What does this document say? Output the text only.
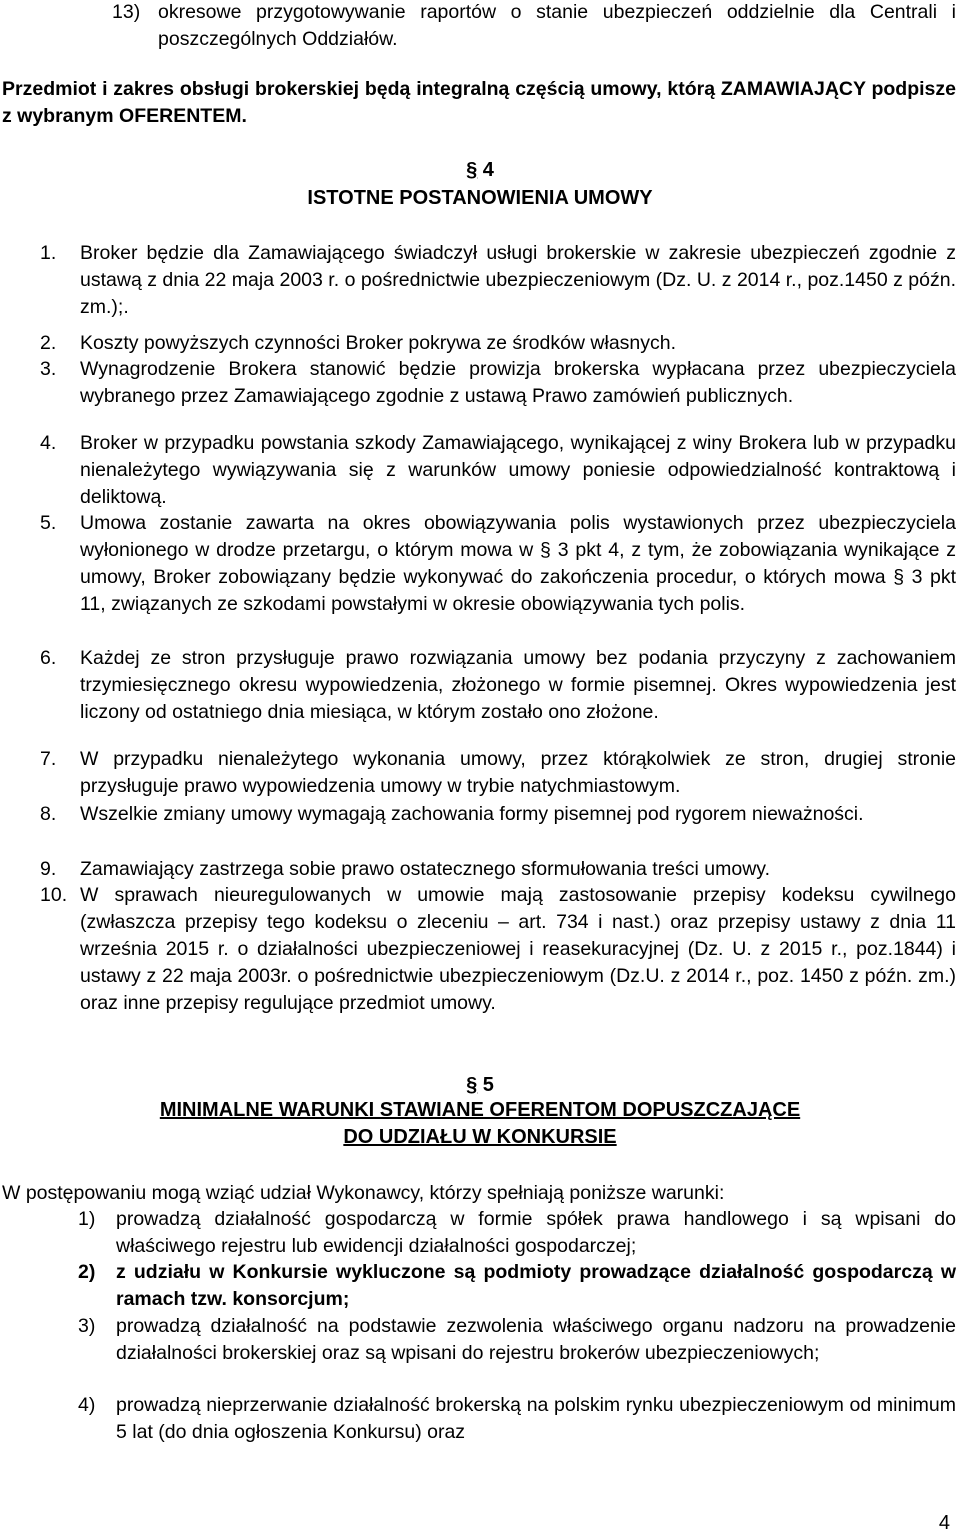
13) okresowe przygotowywanie raportów o stanie ubezpieczeń oddzielnie dla Centrali i poszczególnych Oddziałów.
Przedmiot i zakres obsługi brokerskiej będą integralną częścią umowy, którą ZAMAWIAJĄCY podpisze z wybranym OFERENTEM.
§ 4
ISTOTNE POSTANOWIENIA UMOWY
1.	Broker będzie dla Zamawiającego świadczył usługi brokerskie w zakresie ubezpieczeń zgodnie z ustawą z dnia 22 maja 2003 r. o pośrednictwie ubezpieczeniowym (Dz. U. z 2014 r., poz.1450 z późn. zm.);.
2.	Koszty powyższych czynności Broker pokrywa ze środków własnych.
3.	Wynagrodzenie Brokera stanowić będzie prowizja brokerska wypłacana przez ubezpieczyciela wybranego przez Zamawiającego zgodnie z ustawą Prawo zamówień publicznych.
4.	Broker w przypadku powstania szkody Zamawiającego, wynikającej z winy Brokera lub w przypadku nienależytego wywiązywania się z warunków umowy poniesie odpowiedzialność kontraktową i deliktową.
5.	Umowa zostanie zawarta na okres obowiązywania polis wystawionych przez ubezpieczyciela wyłonionego w drodze przetargu, o którym mowa w § 3 pkt 4, z tym, że zobowiązania wynikające z umowy, Broker zobowiązany będzie wykonywać do zakończenia procedur, o których mowa § 3 pkt 11, związanych ze szkodami powstałymi w okresie obowiązywania tych polis.
6.	Każdej ze stron przysługuje prawo rozwiązania umowy bez podania przyczyny z zachowaniem trzymiesięcznego okresu wypowiedzenia, złożonego w formie pisemnej. Okres wypowiedzenia jest liczony od ostatniego dnia miesiąca, w którym zostało ono złożone.
7.	W przypadku nienależytego wykonania umowy, przez którąkolwiek ze stron, drugiej stronie przysługuje prawo wypowiedzenia umowy w trybie natychmiastowym.
8.	Wszelkie zmiany umowy wymagają zachowania formy pisemnej pod rygorem nieważności.
9.	Zamawiający zastrzega sobie prawo ostatecznego sformułowania treści umowy.
10. W sprawach nieuregulowanych w umowie mają zastosowanie przepisy kodeksu cywilnego (zwłaszcza przepisy tego kodeksu o zleceniu – art. 734 i nast.) oraz przepisy ustawy z dnia 11 września 2015 r. o działalności ubezpieczeniowej i reasekuracyjnej (Dz. U. z 2015 r., poz.1844) i ustawy z 22 maja 2003r. o pośrednictwie ubezpieczeniowym (Dz.U. z 2014 r., poz. 1450 z późn. zm.) oraz inne przepisy regulujące przedmiot umowy.
§ 5
MINIMALNE WARUNKI STAWIANE OFERENTOM DOPUSZCZAJĄCE
DO UDZIAŁU W KONKURSIE
W postępowaniu mogą wziąć udział Wykonawcy, którzy spełniają poniższe warunki:
1)	prowadzą działalność gospodarczą w formie spółek prawa handlowego i są wpisani do właściwego rejestru lub ewidencji działalności gospodarczej;
2)	z udziału w Konkursie wykluczone są podmioty prowadzące działalność gospodarczą w ramach tzw. konsorcjum;
3)	prowadzą działalność na podstawie zezwolenia właściwego organu nadzoru na prowadzenie działalności brokerskiej oraz są wpisani do rejestru brokerów ubezpieczeniowych;
4)	prowadzą nieprzerwanie działalność brokerską na polskim rynku ubezpieczeniowym od minimum 5 lat (do dnia ogłoszenia Konkursu) oraz
4
